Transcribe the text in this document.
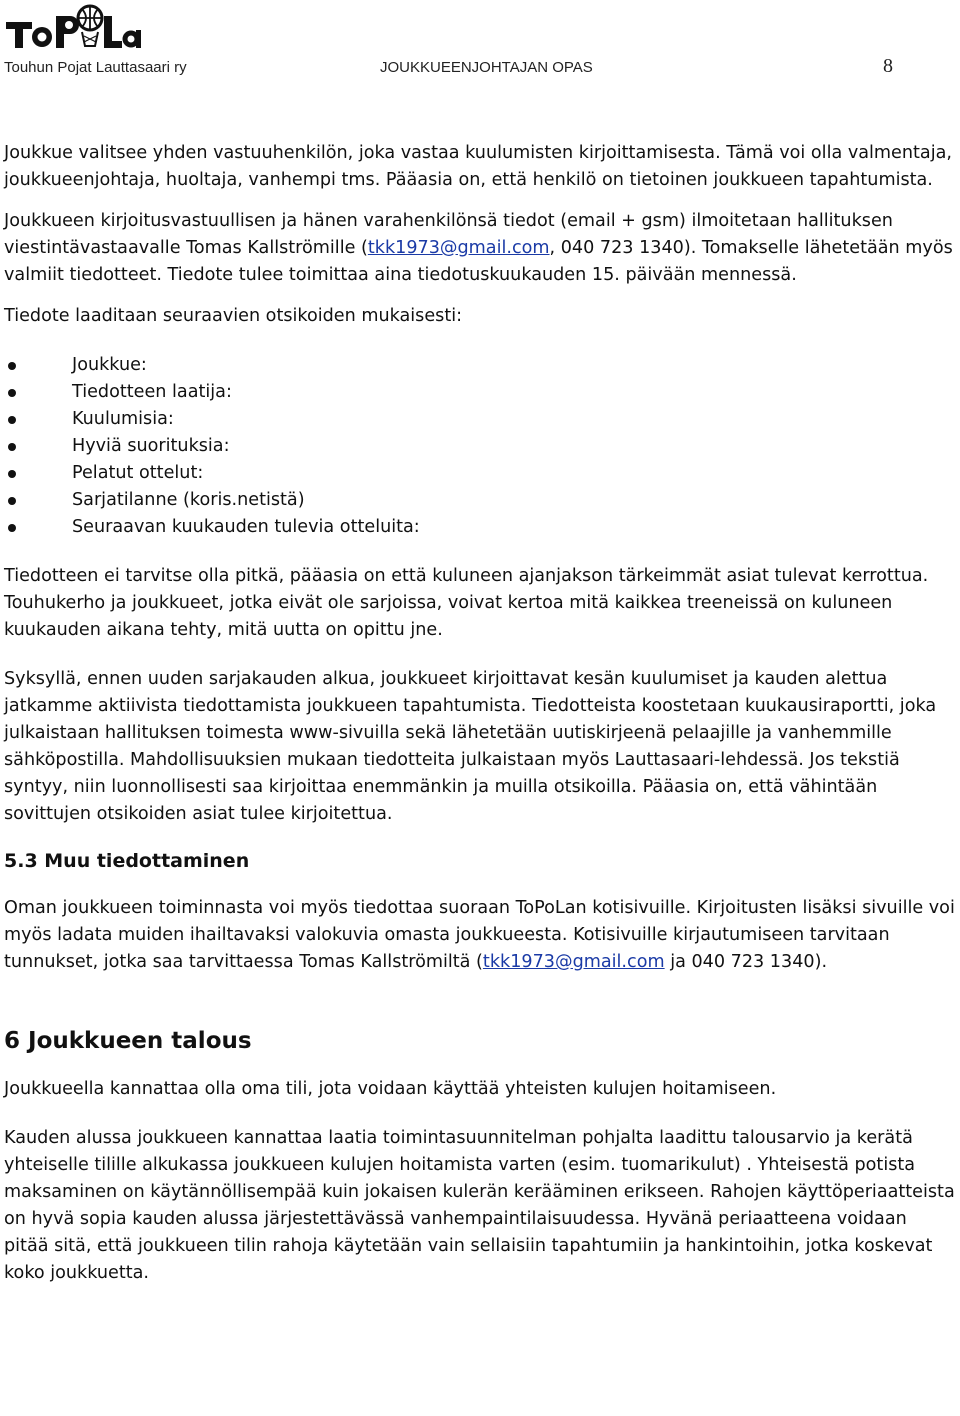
Touhun Pojat Lauttasaari ry	JOUKKUEENJOHTAJAN OPAS	8

Joukkue valitsee yhden vastuuhenkilön, joka vastaa kuulumisten kirjoittamisesta. Tämä voi olla valmentaja, joukkueenjohtaja, huoltaja, vanhempi tms. Pääasia on, että henkilö on tietoinen joukkueen tapahtumista.

Joukkueen kirjoitusvastuullisen ja hänen varahenkilönsä tiedot (email + gsm) ilmoitetaan hallituksen viestintävastaavalle Tomas Kallströmille (tkk1973@gmail.com, 040 723 1340). Tomakselle lähetetään myös valmiit tiedotteet. Tiedote tulee toimittaa aina tiedotuskuukauden 15. päivään mennessä.

Tiedote laaditaan seuraavien otsikoiden mukaisesti:

Joukkue:
Tiedotteen laatija:
Kuulumisia:
Hyviä suorituksia:
Pelatut ottelut:
Sarjatilanne (koris.netistä)
Seuraavan kuukauden tulevia otteluita:

Tiedotteen ei tarvitse olla pitkä, pääasia on että kuluneen ajanjakson tärkeimmät asiat tulevat kerrottua. Touhukerho ja joukkueet, jotka eivät ole sarjoissa, voivat kertoa mitä kaikkea treeneissä on kuluneen kuukauden aikana tehty, mitä uutta on opittu jne.

Syksyllä, ennen uuden sarjakauden alkua, joukkueet kirjoittavat kesän kuulumiset ja kauden alettua jatkamme aktiivista tiedottamista joukkueen tapahtumista. Tiedotteista koostetaan kuukausiraportti, joka julkaistaan hallituksen toimesta www-sivuilla sekä lähetetään uutiskirjeenä pelaajille ja vanhemmille sähköpostilla. Mahdollisuuksien mukaan tiedotteita julkaistaan myös Lauttasaari-lehdessä. Jos tekstiä syntyy, niin luonnollisesti saa kirjoittaa enemmänkin ja muilla otsikoilla. Pääasia on, että vähintään sovittujen otsikoiden asiat tulee kirjoitettua.

5.3 Muu tiedottaminen

Oman joukkueen toiminnasta voi myös tiedottaa suoraan ToPoLan kotisivuille. Kirjoitusten lisäksi sivuille voi myös ladata muiden ihailtavaksi valokuvia omasta joukkueesta. Kotisivuille kirjautumiseen tarvitaan tunnukset, jotka saa tarvittaessa Tomas Kallströmiltä (tkk1973@gmail.com ja 040 723 1340).

6 Joukkueen talous

Joukkueella kannattaa olla oma tili, jota voidaan käyttää yhteisten kulujen hoitamiseen.

Kauden alussa joukkueen kannattaa laatia toimintasuunnitelman pohjalta laadittu talousarvio ja kerätä yhteiselle tilille alkukassa joukkueen kulujen hoitamista varten (esim. tuomarikulut) . Yhteisestä potista maksaminen on käytännöllisempää kuin jokaisen kulerän kerääminen erikseen. Rahojen käyttöperiaatteista on hyvä sopia kauden alussa järjestettävässä vanhempaintilaisuudessa. Hyvänä periaatteena voidaan pitää sitä, että joukkueen tilin rahoja käytetään vain sellaisiin tapahtumiin ja hankintoihin, jotka koskevat koko joukkuetta.
